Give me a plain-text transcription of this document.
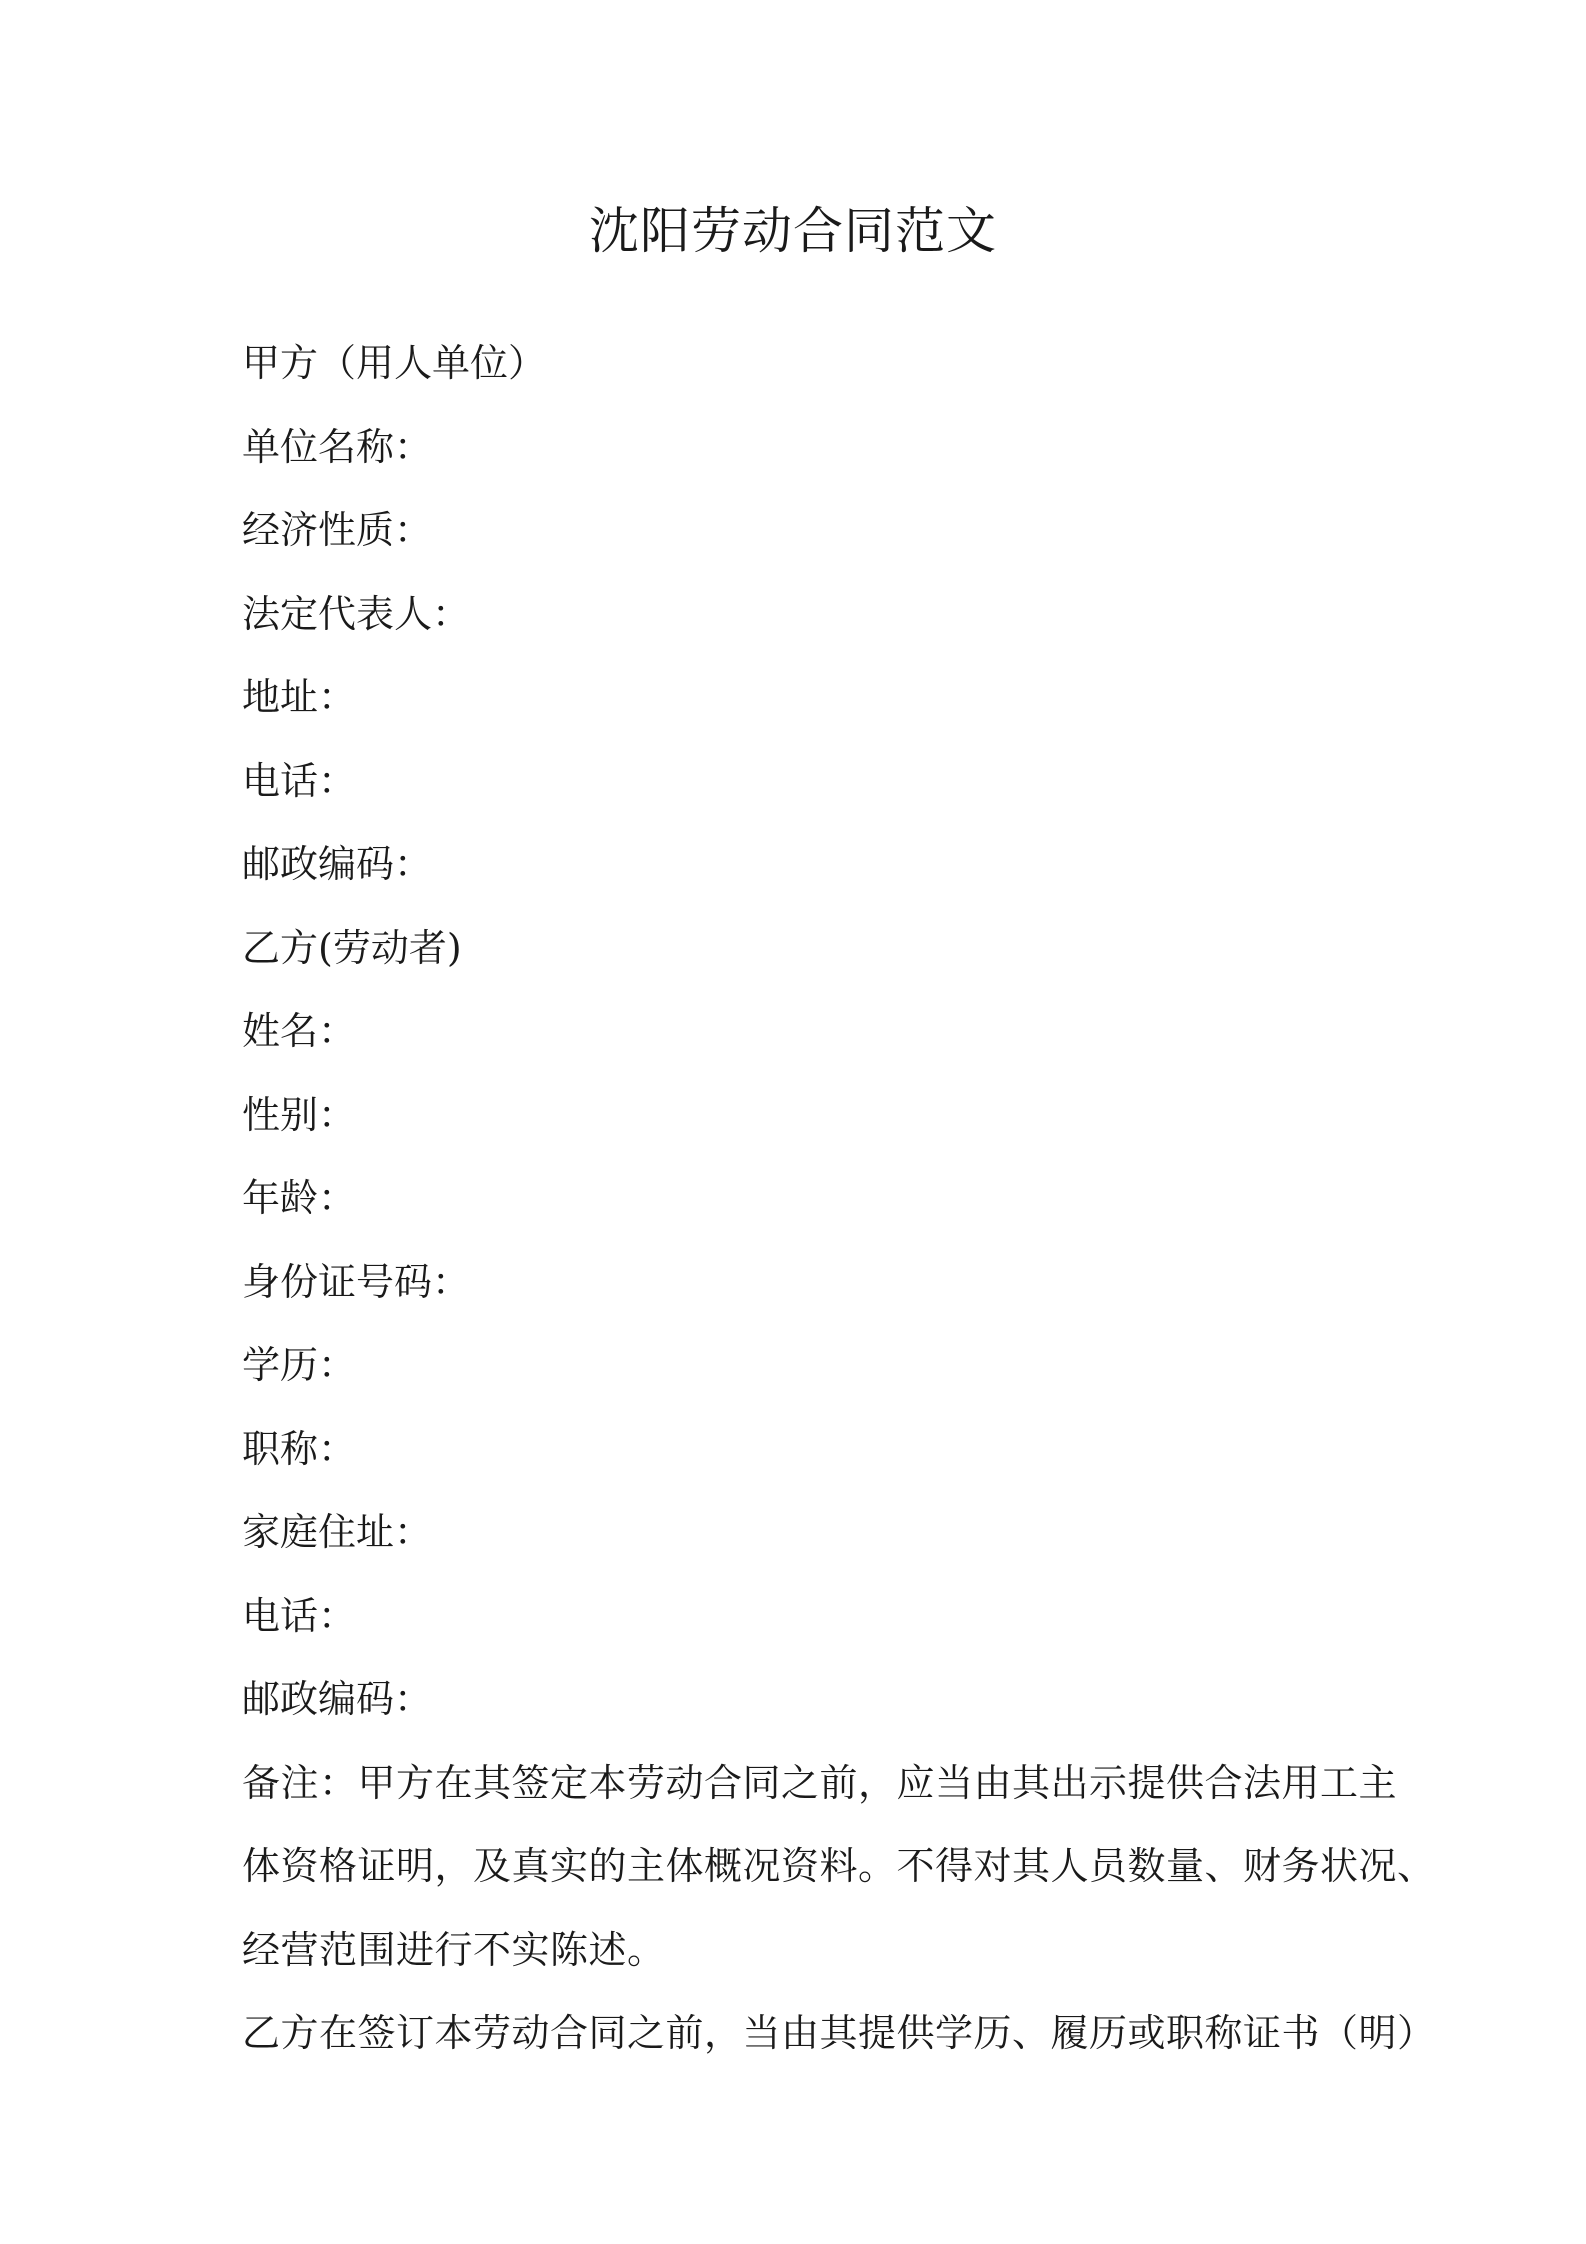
沈阳劳动合同范文

甲方（用人单位）

单位名称：

经济性质：

法定代表人：

地址：

电话：

邮政编码：

乙方(劳动者)

姓名：

性别：

年龄：

身份证号码：

学历：

职称：

家庭住址：

电话：

邮政编码：

备注：甲方在其签定本劳动合同之前，应当由其出示提供合法用工主
体资格证明，及真实的主体概况资料。不得对其人员数量、财务状况、
经营范围进行不实陈述。
乙方在签订本劳动合同之前，当由其提供学历、履历或职称证书（明）
